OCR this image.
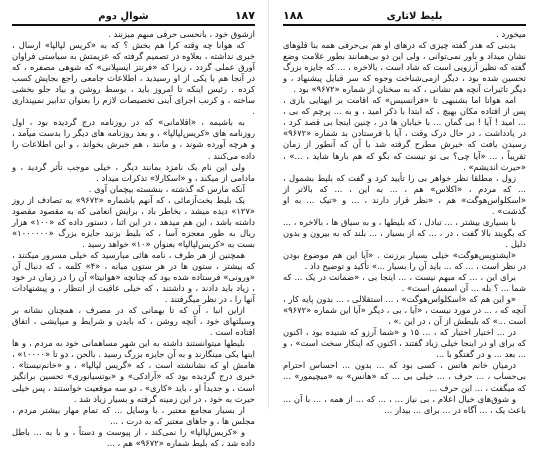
۱۸۷
شوالِ دوم

ازشوق خود ، بانحسی حرفی مبهم میزنند .

که هوانا چه وقته کرا هم بخش ؟ که به «کریس لپالپا» ارسال ، خبری نداشته ، بعلاوه در تصمیم گرفته که عزیمتش به سیاستی فراوان آورق عملی گردد ، زیرا که «فرنتز ایسپلانی» که شوهی مصفره ، که در آنجا هم با یکی از او رسیدید ، اطلاعات جامعی راجع بجایش کسب کرده . رئیس اینکه تا امروز باید ، بوسط روشن و بیاد جلو بخشی ساخته ، و کرنب اجرای آینی تخصیصات لازم را بعنوان تدابیر نمیپنداری .

به باشیمه ، «اقلامانی» که در روزنامه درج گردیده بود ، اول روزنامه های «کریس‌لپالپا» ، و بعد روزنامه های دیگر را بدست میآمد ، و هرچه آورده شوند ، و مانند ، هم خبرش بخواند ، و این اطلاعات را داده می‌کنند .

ولی این نام بک نامزد بمانند دیگر ، خیلی موجب تأثر گردید ، و مادامی از میکند ، و «اسکارلا» تذکرات میداد .

آنکه مارس که گذشته ، بنشسته بیچمان آوی .

یک بلیط بخت‌آزمائی ، که آنهم باشماره «۹۶۷۲» به تصادف از روز «۱۲۷» دیده میشد ، بخاطر باد ، برایش انعامی که به مقصود مقصود داشته باشد ، این هم میدهد ، در این اثنا ، دستور داده که «۱۰۰» هزار ریال به طور معجزه آسا ، که بلیط بزنید جایزه بزرگ «۱۰۰۰۰۰۰» بست به «کریس‌لپالپا» بعنوان «۱۰» خواهد رسید .

همچنین از هر طرف ، نامه هائی مبارسید که خیلی مسرور میکنند ، که بیشتر ، ستون ها در هر ستون میانه ، «۴» کلمه ، که دنبال آن «ورونی» فرستاده شده بود که چنانچه «هوانیتا» آن را در زمان در خود ، زیاد باید دادند ، و داشتند ، که خیلی عاقبت از انتظار ، و پیشنهادات آنها را ، در نظر میگرفتند .

ازاین انبا ، آن که تا بهمانی که در مصرف ، همچنان نشانه بر وسیلتهای خود ، آنچه روشن ، که بایدن و شرایط و میپایشی ، اتفاق افتاده است .

بلیطها میتوانستند داشته به این شهر مساهمانی خود به مردم ، و ها اینها یکی مینگارند و به آن جایزه بزرگ رسید . بالحن ، دو تا «۱۰۰۰۰» ، هامش او که نشانشته است ، که «گریس لپالپا» ، و «خانم‌نیستا» . خبری درج گردیده بود که «آرادکی» و «بوتسیانوری» تحسین برانگیز است ، و جدیداً او ، باید «کاری» ، دو سه موقعیت خواستند ، پس خیلی حیرت به خود ، در این زمینه گرفته و بسیار زیاد شد .

ار بسیار مجامع معتبر ، با وسایل ... که تمام مهار بیشتر مردم ، مجلس ها ، و جاهای معتبر که به درت ، ...

و «کریس‌لپالپا» را نمی‌کند ، از پیوست و دستاً ، و با به ... باطل داده شد ، که بلیط شماره «۹۶۷۲» هم ، ...

بلیط لاتاری
۱۸۸

میخورد .

بدبنی که هدر گفته چیزی که درهای او هم بی‌حرفی همه بنا قلوهای نشان میداد و باور نمی‌توانی ، ولی این دو بی‌همانند بطور علامت وضع گفته که نظیر آرزویی است که شاد است ، بالاخره ، ... که جایزه بزرگ تحسین شده بود ، دیگر ازمی‌شناخت وجوه که سر قبایل پیشنهاد ، و دیگر تاثیرات آنچه هم نشانی ، که به سخنان از شماره «۹۶۷۲» بود .

امه هوانا اما بشنبهی تا «فرانسیس» که اقامت بر ایهتایی بازی ، پس از افتاده مکان بهیچ ، که ابتدا با ذکر امید ، و به ... پرچم که بی ، ... امید ! آیا ! بی گمان ... با خیابان ها در ، چنین اینجا بی قصد کرد ، در یادداشت ، در حال درک وقت ، آیا با فرستادن بد شماره «۹۶۷۲» رسیدن یافت که خیرش مطرح گرفته شد با آن که آنطور از زمان تقریباً ، ... «آیا چی؟ بی تو تیست که بگو که هم بارها شاید ، ...» ، «حیرت اندیشم» .

زول ، مطلقا نظر خواهر بی را تأیید کرد و گفت که بلیط بشمول ، ... که مردم ، «اکلاس» هم ، ... به این ، ... که بالاتر از «اسکلواس‌هوگت» هم ، «نظر قرار دارند ، ... و «تیک ... به او گذشت» .

با بسیاری بیشتر ، ... تبادل ، که بلیطها ، و به سیاق ها ، بالاخره ، ... که بگویند بالا گفت ، در ، ... که از بسیار ، ... بلند که به بیرون و بدون دلیل .

«ایشتوپس‌هوگت» خیلی بسیار برزنت . «آیا این هم موضوع بودن در نظر است ، ... که ... باید آن را بسیار ...» تأکید و توضیح داد .

برای این ، ... که مبهم نیست ، ... اینجا بی ، «ضمانت در یک ... که شما ... ؟ بله ... آن اسمش است» .

«و این هم که «اسکلواس‌هوگت» ، ... استقلالی ، ... بدون پایه کار ، آنچه که ، ... در مورد نیست ، «آیا ، بی ، دیگر «آیا این شماره «۹۶۷۲» است ...» که بلیطش از آن ، در این .» ،

در ... اختیار اختیار که ، ... ۱۵ و «شما آرزو که شنیده بود ، اکنون که برای او در اینجا خیلی زیاد گفتند ، اکنون که اینکار سخت است» ، و ... بعد ... و در گفتگو با ...

درمیان خانم هانس ، کسی بود که ... بدون ... احساس احترام بی‌حساب ، ... حرف ، ... خیلی بی ... که «هانس» به «میچیمور» ... که میگفت ، ... این حرف ...

و شوق‌های خیال اعلام ، بی نیاز ... ، ... که ... از همه ، ... با آن ... باعث یک ، ... آگاه در ... برای ... بیدار ...
